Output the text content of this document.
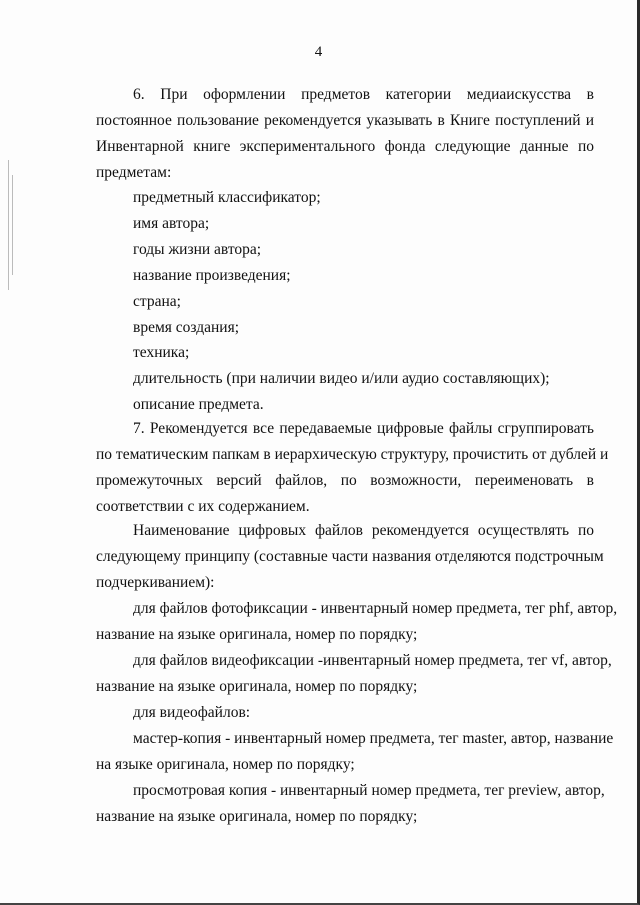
4
6. При оформлении предметов категории медиаискусства в
постоянное пользование рекомендуется указывать в Книге поступлений и
Инвентарной книге экспериментального фонда следующие данные по
предметам:
предметный классификатор;
имя автора;
годы жизни автора;
название произведения;
страна;
время создания;
техника;
длительность (при наличии видео и/или аудио составляющих);
описание предмета.
7. Рекомендуется все передаваемые цифровые файлы сгруппировать
по тематическим папкам в иерархическую структуру, прочистить от дублей и
промежуточных версий файлов, по возможности, переименовать в
соответствии с их содержанием.
Наименование цифровых файлов рекомендуется осуществлять по
следующему принципу (составные части названия отделяются подстрочным
подчеркиванием):
для файлов фотофиксации - инвентарный номер предмета, тег phf, автор,
название на языке оригинала, номер по порядку;
для файлов видеофиксации -инвентарный номер предмета, тег vf, автор,
название на языке оригинала, номер по порядку;
для видеофайлов:
мастер-копия - инвентарный номер предмета, тег master, автор, название
на языке оригинала, номер по порядку;
просмотровая копия - инвентарный номер предмета, тег preview, автор,
название на языке оригинала, номер по порядку;
